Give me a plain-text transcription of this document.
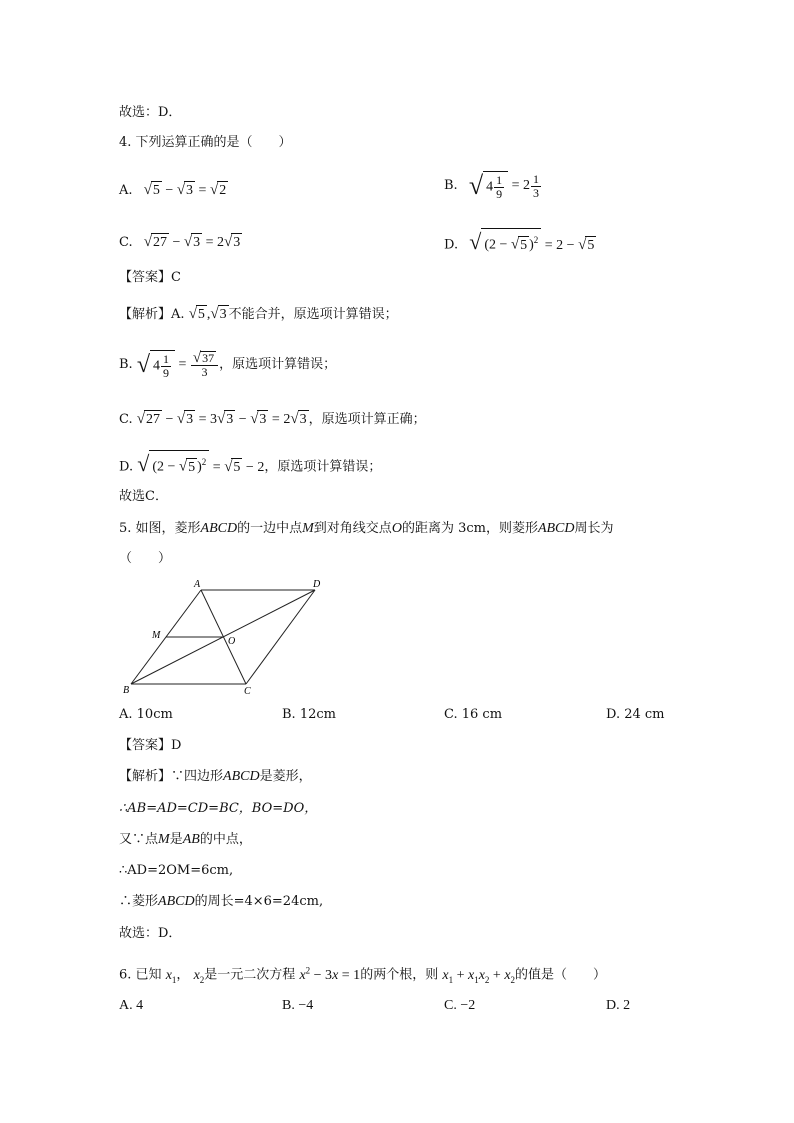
故选：D．
4. 下列运算正确的是（　　）
A. √5 − √3 = √2	B. √ $4 \frac{1}{9} = 2 \frac{1}{3}$
C. √27 − √3 = 2√3	D. √ (2 − √5 )$^2$ = 2 − √5
【答案】C
【解析】A. √5 ,√3 不能合并，原选项计算错误；
B. √ $4 \frac{1}{9} = \frac{√37}{3}$ ，原选项计算错误；
C. √27 − √3 = 3√3 − √3 = 2√3 ，原选项计算正确；
D. √ (2 − √5 )$^2$ = √5 − 2，原选项计算错误；
故选C．
5. 如图，菱形ABCD的一边中点M到对角线交点O的距离为 3cm，则菱形ABCD周长为
（　　）
A	D
M
O
B	C
A. 10cm	B. 12cm	C. 16 cm	D. 24 cm
【答案】D
【解析】∵四边形ABCD是菱形，
∴AB=AD=CD=BC，BO=DO，
又∵点M是AB的中点，
∴AD=2OM=6cm,
∴菱形ABCD的周长=4×6=24cm,
故选：D．
6. 已知 $x_1$， $x_2$是一元二次方程 $x^2 - 3x = 1$的两个根，则 $x_1 + x_1x_2 + x_2$的值是（　　）
A. 4	B. −4	C. −2	D. 2
